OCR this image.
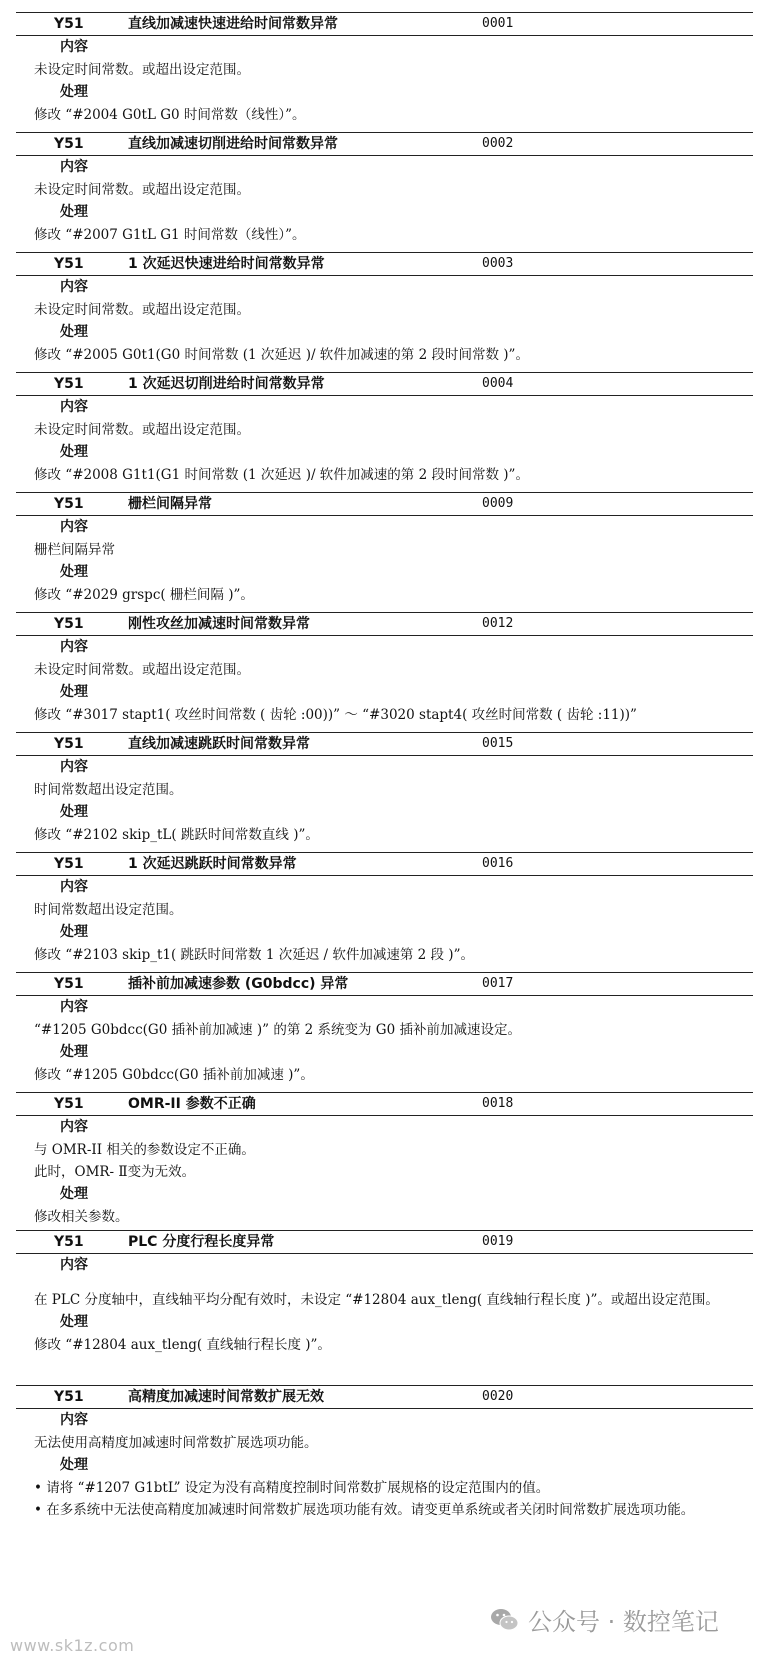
Y51	直线加减速快速进给时间常数异常	0001
内容
未设定时间常数。或超出设定范围。
处理
修改 “#2004 G0tL G0 时间常数（线性）”。
Y51	直线加减速切削进给时间常数异常	0002
内容
未设定时间常数。或超出设定范围。
处理
修改 “#2007 G1tL G1 时间常数（线性）”。
Y51	1 次延迟快速进给时间常数异常	0003
内容
未设定时间常数。或超出设定范围。
处理
修改 “#2005 G0t1(G0 时间常数 (1 次延迟 )/ 软件加减速的第 2 段时间常数 )”。
Y51	1 次延迟切削进给时间常数异常	0004
内容
未设定时间常数。或超出设定范围。
处理
修改 “#2008 G1t1(G1 时间常数 (1 次延迟 )/ 软件加减速的第 2 段时间常数 )”。
Y51	栅栏间隔异常	0009
内容
栅栏间隔异常
处理
修改 “#2029 grspc( 栅栏间隔 )”。
Y51	刚性攻丝加减速时间常数异常	0012
内容
未设定时间常数。或超出设定范围。
处理
修改 “#3017 stapt1( 攻丝时间常数 ( 齿轮 :00))” ～ “#3020 stapt4( 攻丝时间常数 ( 齿轮 :11))”
Y51	直线加减速跳跃时间常数异常	0015
内容
时间常数超出设定范围。
处理
修改 “#2102 skip_tL( 跳跃时间常数直线 )”。
Y51	1 次延迟跳跃时间常数异常	0016
内容
时间常数超出设定范围。
处理
修改 “#2103 skip_t1( 跳跃时间常数 1 次延迟 / 软件加减速第 2 段 )”。
Y51	插补前加减速参数 (G0bdcc) 异常	0017
内容
“#1205 G0bdcc(G0 插补前加减速 )” 的第 2 系统变为 G0 插补前加减速设定。
处理
修改 “#1205 G0bdcc(G0 插补前加减速 )”。
Y51	OMR-II 参数不正确	0018
内容
与 OMR-II 相关的参数设定不正确。
此时，OMR- Ⅱ变为无效。
处理
修改相关参数。
Y51	PLC 分度行程长度异常	0019
内容
在 PLC 分度轴中，直线轴平均分配有效时，未设定 “#12804 aux_tleng( 直线轴行程长度 )”。或超出设定范围。
处理
修改 “#12804 aux_tleng( 直线轴行程长度 )”。
Y51	高精度加减速时间常数扩展无效	0020
内容
无法使用高精度加减速时间常数扩展选项功能。
处理
• 请将 “#1207 G1btL” 设定为没有高精度控制时间常数扩展规格的设定范围内的值。
• 在多系统中无法使高精度加减速时间常数扩展选项功能有效。请变更单系统或者关闭时间常数扩展选项功能。
www.sk1z.com
公众号 · 数控笔记
